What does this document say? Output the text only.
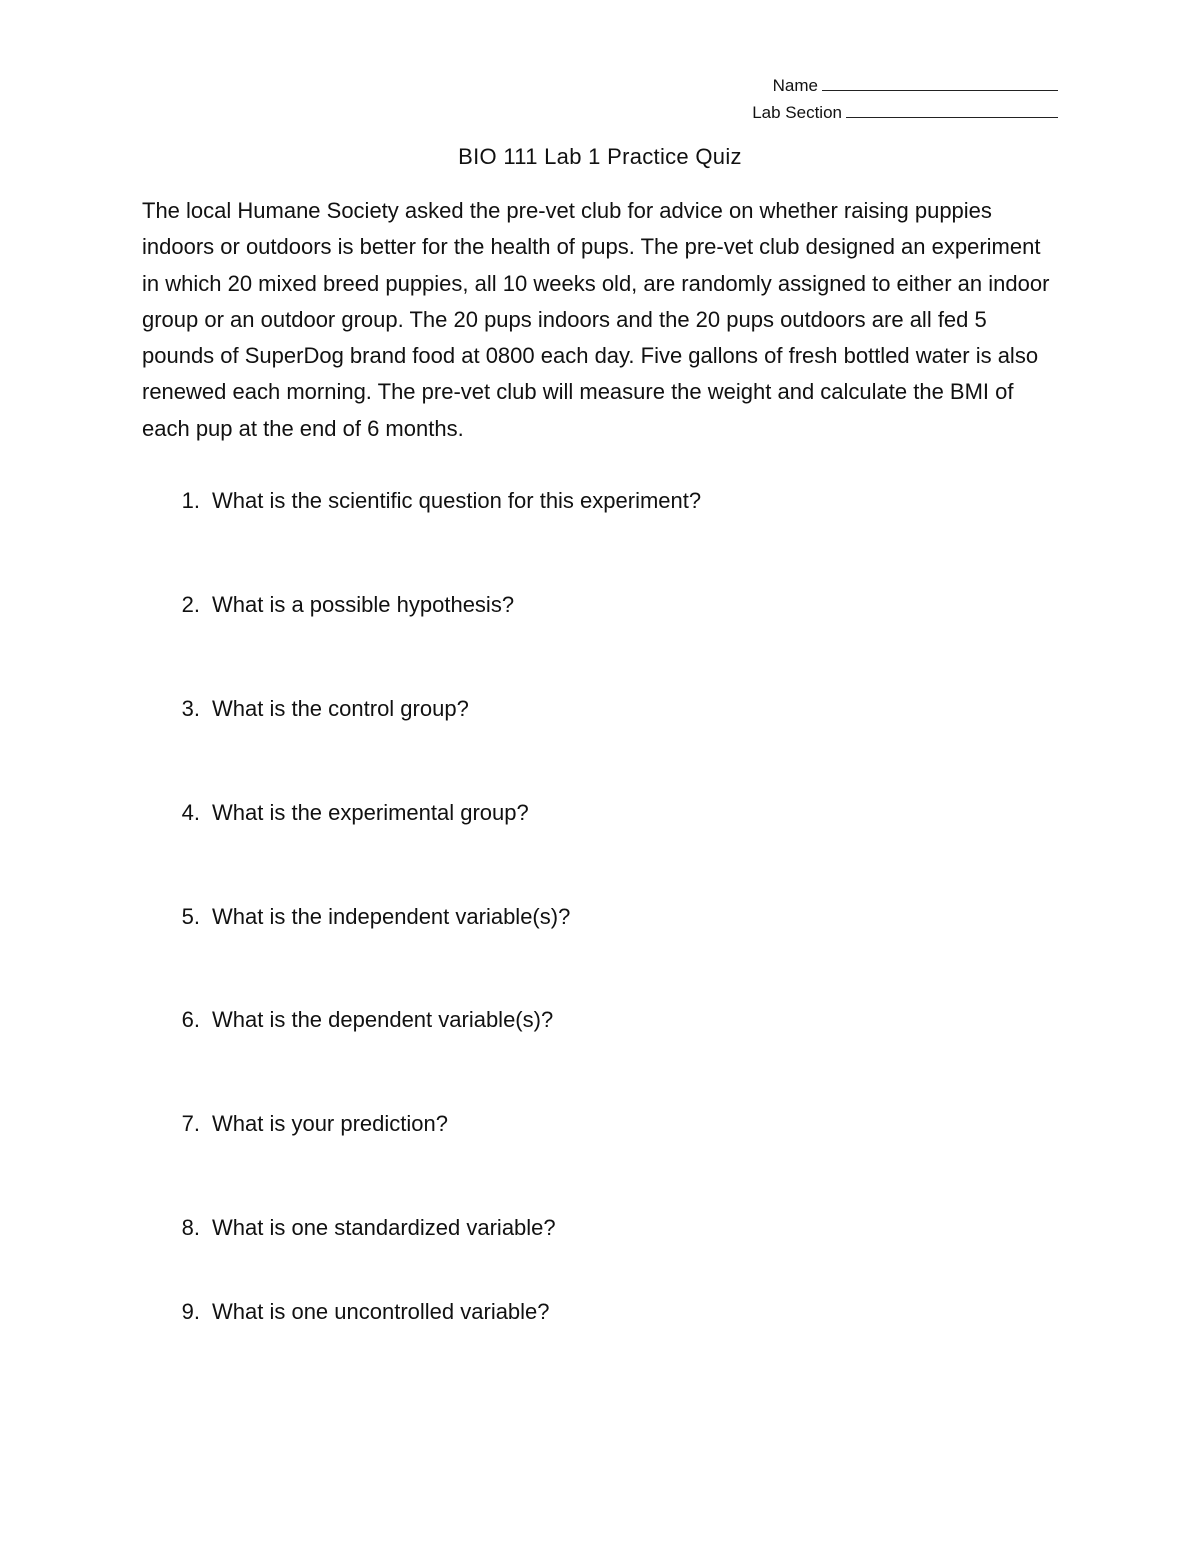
Name
Lab Section
BIO 111 Lab 1 Practice Quiz

The local Humane Society asked the pre-vet club for advice on whether raising puppies indoors or outdoors is better for the health of pups. The pre-vet club designed an experiment in which 20 mixed breed puppies, all 10 weeks old, are randomly assigned to either an indoor group or an outdoor group. The 20 pups indoors and the 20 pups outdoors are all fed 5 pounds of SuperDog brand food at 0800 each day. Five gallons of fresh bottled water is also renewed each morning. The pre-vet club will measure the weight and calculate the BMI of each pup at the end of 6 months.

1. What is the scientific question for this experiment?
2. What is a possible hypothesis?
3. What is the control group?
4. What is the experimental group?
5. What is the independent variable(s)?
6. What is the dependent variable(s)?
7. What is your prediction?
8. What is one standardized variable?
9. What is one uncontrolled variable?
